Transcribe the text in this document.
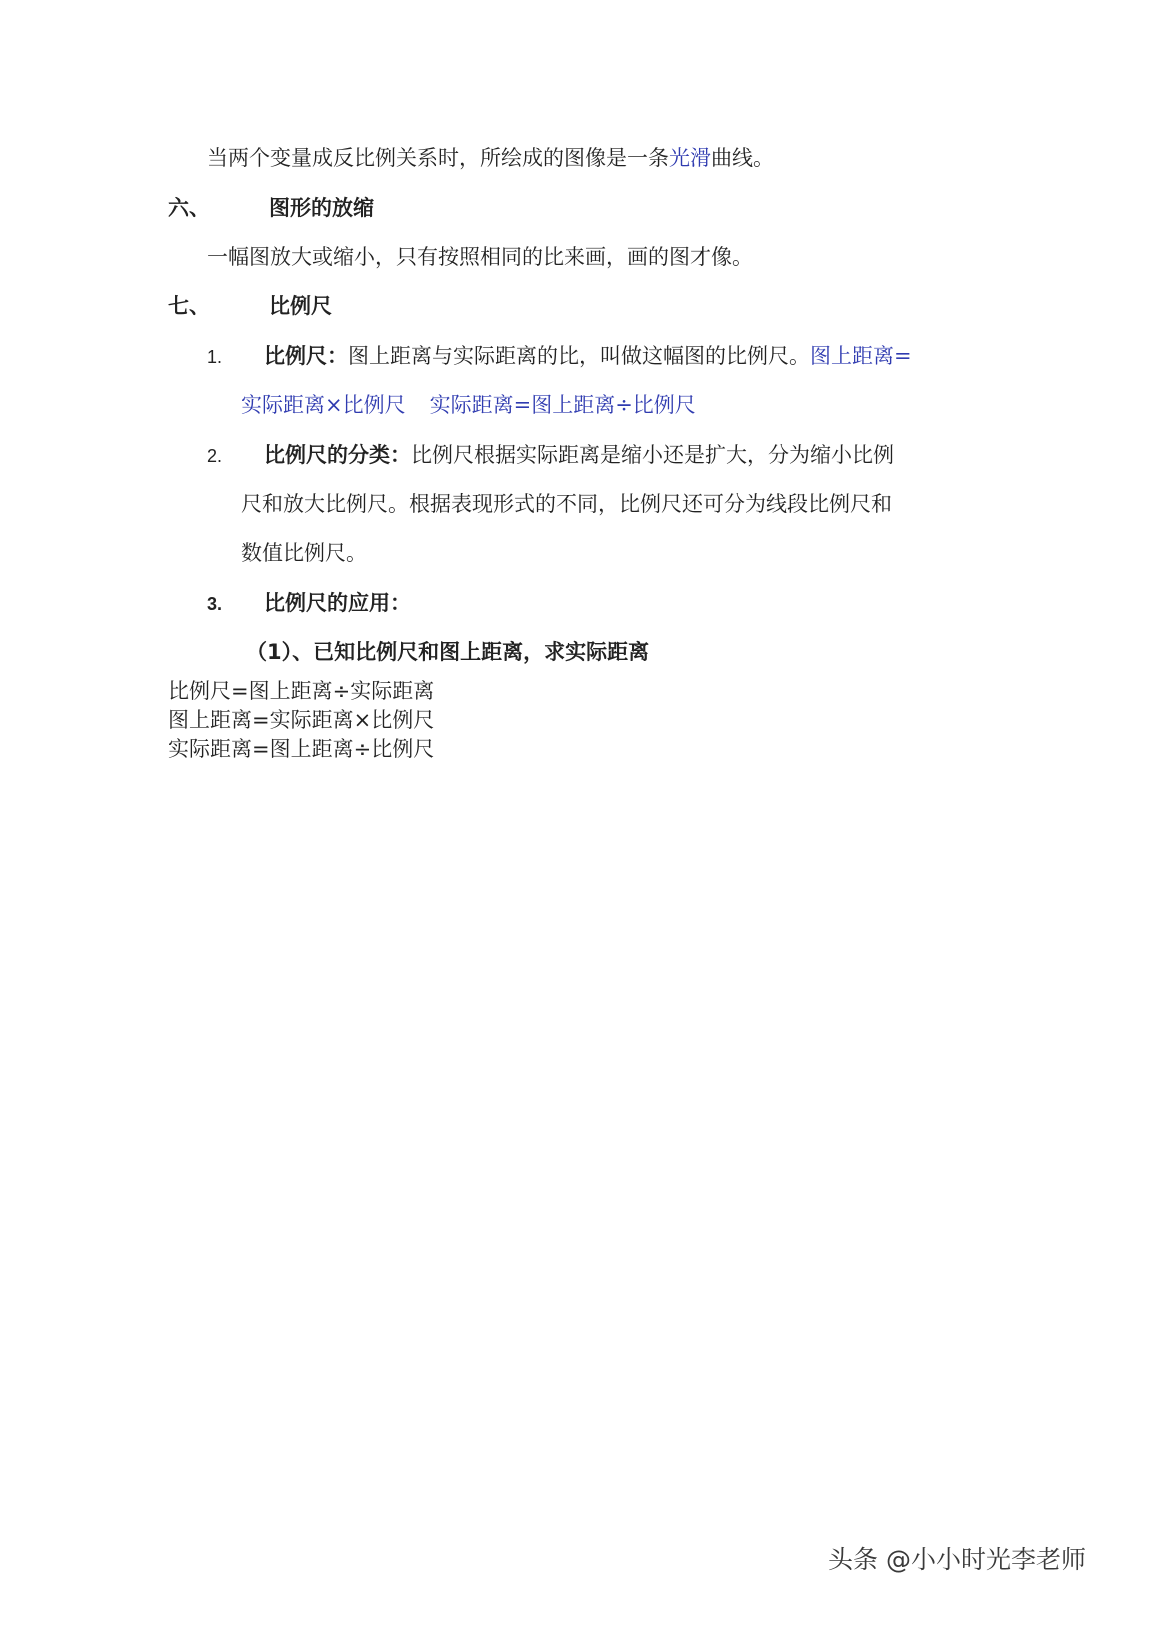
当两个变量成反比例关系时，所绘成的图像是一条光滑曲线。
六、	图形的放缩
一幅图放大或缩小，只有按照相同的比来画，画的图才像。
七、	比例尺
1. 比例尺：图上距离与实际距离的比，叫做这幅图的比例尺。图上距离=
实际距离×比例尺 实际距离=图上距离÷比例尺
2. 比例尺的分类：比例尺根据实际距离是缩小还是扩大，分为缩小比例
尺和放大比例尺。根据表现形式的不同，比例尺还可分为线段比例尺和
数值比例尺。
3. 比例尺的应用：
（1）、已知比例尺和图上距离，求实际距离
比例尺=图上距离÷实际距离
图上距离=实际距离×比例尺
实际距离=图上距离÷比例尺
头条 @小小时光李老师
